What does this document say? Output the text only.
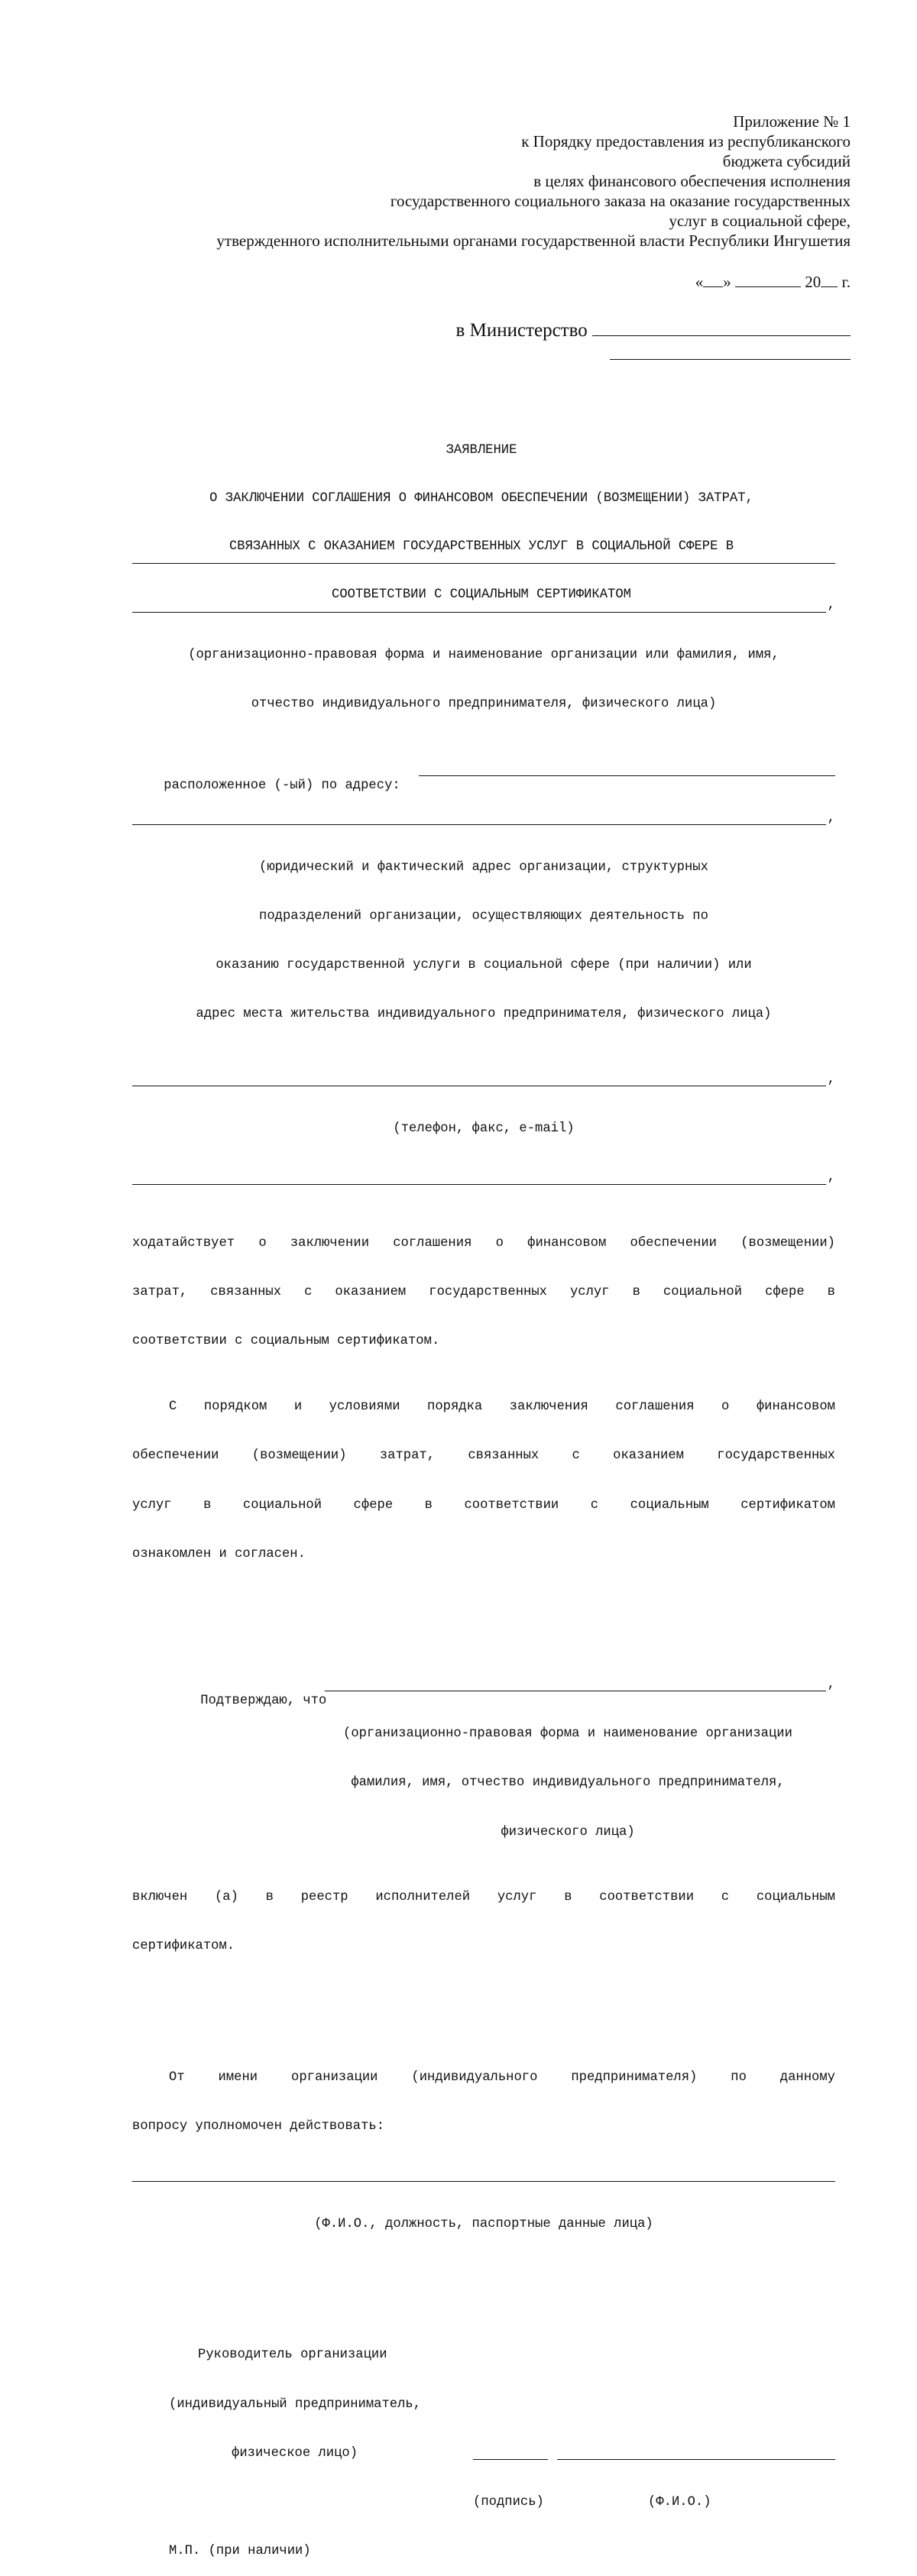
Приложение № 1
к Порядку предоставления из республиканского
бюджета субсидий
в целях финансового обеспечения исполнения
государственного социального заказа на оказание государственных
услуг в социальной сфере,
утвержденного исполнительными органами государственной власти Республики Ингушетия
« »	20 г.
в Министерство

ЗАЯВЛЕНИЕ

О ЗАКЛЮЧЕНИИ СОГЛАШЕНИЯ О ФИНАНСОВОМ ОБЕСПЕЧЕНИИ (ВОЗМЕЩЕНИИ) ЗАТРАТ,

СВЯЗАННЫХ С ОКАЗАНИЕМ ГОСУДАРСТВЕННЫХ УСЛУГ В СОЦИАЛЬНОЙ СФЕРЕ В

СООТВЕТСТВИИ С СОЦИАЛЬНЫМ СЕРТИФИКАТОМ

,

(организационно-правовая форма и наименование организации или фамилия, имя,

отчество индивидуального предпринимателя, физического лица)

расположенное (-ый) по адресу:

,

(юридический и фактический адрес организации, структурных

подразделений организации, осуществляющих деятельность по

оказанию государственной услуги в социальной сфере (при наличии) или

адрес места жительства индивидуального предпринимателя, физического лица)

,

(телефон, факс, e-mail)

,

ходатайствует о заключении соглашения о финансовом обеспечении (возмещении)

затрат, связанных с оказанием государственных услуг в социальной сфере в

соответствии с социальным сертификатом.

С порядком и условиями порядка заключения соглашения о финансовом

обеспечении (возмещении) затрат, связанных с оказанием государственных

услуг в социальной сфере в соответствии с социальным сертификатом

ознакомлен и согласен.

Подтверждаю, что

,

(организационно-правовая форма и наименование организации

фамилия, имя, отчество индивидуального предпринимателя,

физического лица)

включен (а) в реестр исполнителей услуг в соответствии с социальным

сертификатом.

От имени организации (индивидуального предпринимателя) по данному

вопросу уполномочен действовать:

(Ф.И.О., должность, паспортные данные лица)

Руководитель организации

(индивидуальный предприниматель,

физическое лицо)

(подпись)

	(Ф.И.О.)

М.П. (при наличии)
